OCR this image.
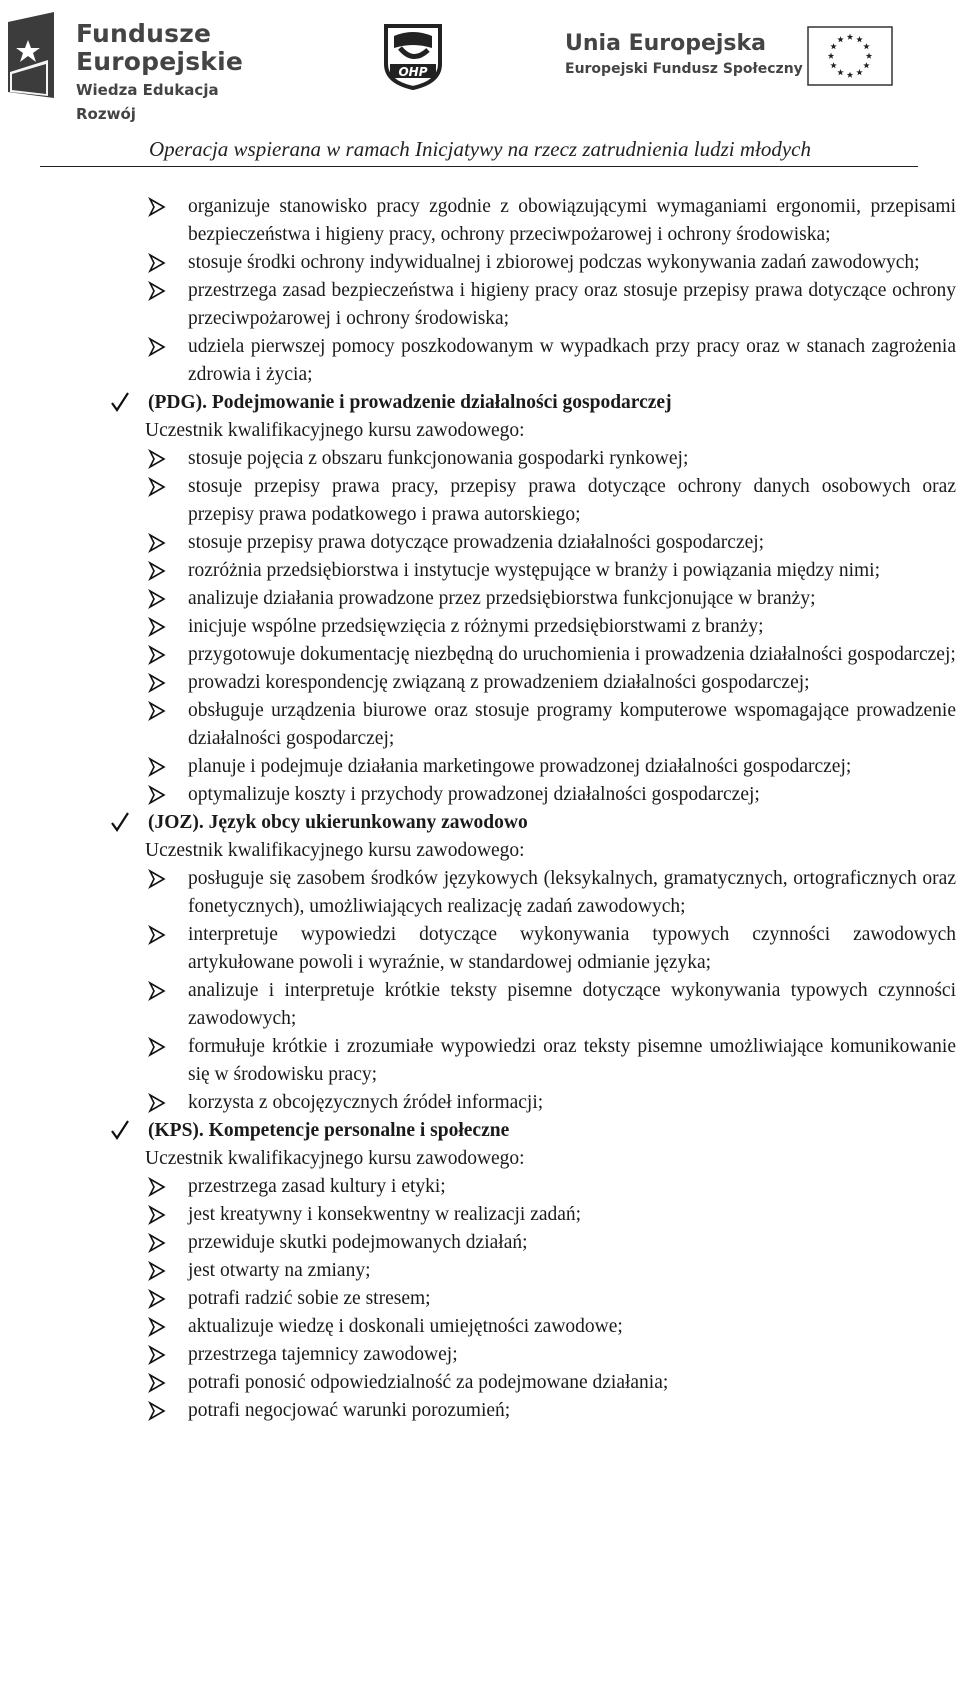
Fundusze
Europejskie
Wiedza Edukacja Rozwój
OHP
Unia Europejska
Europejski Fundusz Społeczny
Operacja wspierana w ramach Inicjatywy na rzecz zatrudnienia ludzi młodych
organizuje stanowisko pracy zgodnie z obowiązującymi wymaganiami ergonomii, przepisami bezpieczeństwa i higieny pracy, ochrony przeciwpożarowej i ochrony środowiska;
stosuje środki ochrony indywidualnej i zbiorowej podczas wykonywania zadań zawodowych;
przestrzega zasad bezpieczeństwa i higieny pracy oraz stosuje przepisy prawa dotyczące ochrony przeciwpożarowej i ochrony środowiska;
udziela pierwszej pomocy poszkodowanym w wypadkach przy pracy oraz w stanach zagrożenia zdrowia i życia;
(PDG). Podejmowanie i prowadzenie działalności gospodarczej
Uczestnik kwalifikacyjnego kursu zawodowego:
stosuje pojęcia z obszaru funkcjonowania gospodarki rynkowej;
stosuje przepisy prawa pracy, przepisy prawa dotyczące ochrony danych osobowych oraz przepisy prawa podatkowego i prawa autorskiego;
stosuje przepisy prawa dotyczące prowadzenia działalności gospodarczej;
rozróżnia przedsiębiorstwa i instytucje występujące w branży i powiązania między nimi;
analizuje działania prowadzone przez przedsiębiorstwa funkcjonujące w branży;
inicjuje wspólne przedsięwzięcia z różnymi przedsiębiorstwami z branży;
przygotowuje dokumentację niezbędną do uruchomienia i prowadzenia działalności gospodarczej;
prowadzi korespondencję związaną z prowadzeniem działalności gospodarczej;
obsługuje urządzenia biurowe oraz stosuje programy komputerowe wspomagające prowadzenie działalności gospodarczej;
planuje i podejmuje działania marketingowe prowadzonej działalności gospodarczej;
optymalizuje koszty i przychody prowadzonej działalności gospodarczej;
(JOZ). Język obcy ukierunkowany zawodowo
Uczestnik kwalifikacyjnego kursu zawodowego:
posługuje się zasobem środków językowych (leksykalnych, gramatycznych, ortograficznych oraz fonetycznych), umożliwiających realizację zadań zawodowych;
interpretuje wypowiedzi dotyczące wykonywania typowych czynności zawodowych artykułowane powoli i wyraźnie, w standardowej odmianie języka;
analizuje i interpretuje krótkie teksty pisemne dotyczące wykonywania typowych czynności zawodowych;
formułuje krótkie i zrozumiałe wypowiedzi oraz teksty pisemne umożliwiające komunikowanie się w środowisku pracy;
korzysta z obcojęzycznych źródeł informacji;
(KPS). Kompetencje personalne i społeczne
Uczestnik kwalifikacyjnego kursu zawodowego:
przestrzega zasad kultury i etyki;
jest kreatywny i konsekwentny w realizacji zadań;
przewiduje skutki podejmowanych działań;
jest otwarty na zmiany;
potrafi radzić sobie ze stresem;
aktualizuje wiedzę i doskonali umiejętności zawodowe;
przestrzega tajemnicy zawodowej;
potrafi ponosić odpowiedzialność za podejmowane działania;
potrafi negocjować warunki porozumień;
